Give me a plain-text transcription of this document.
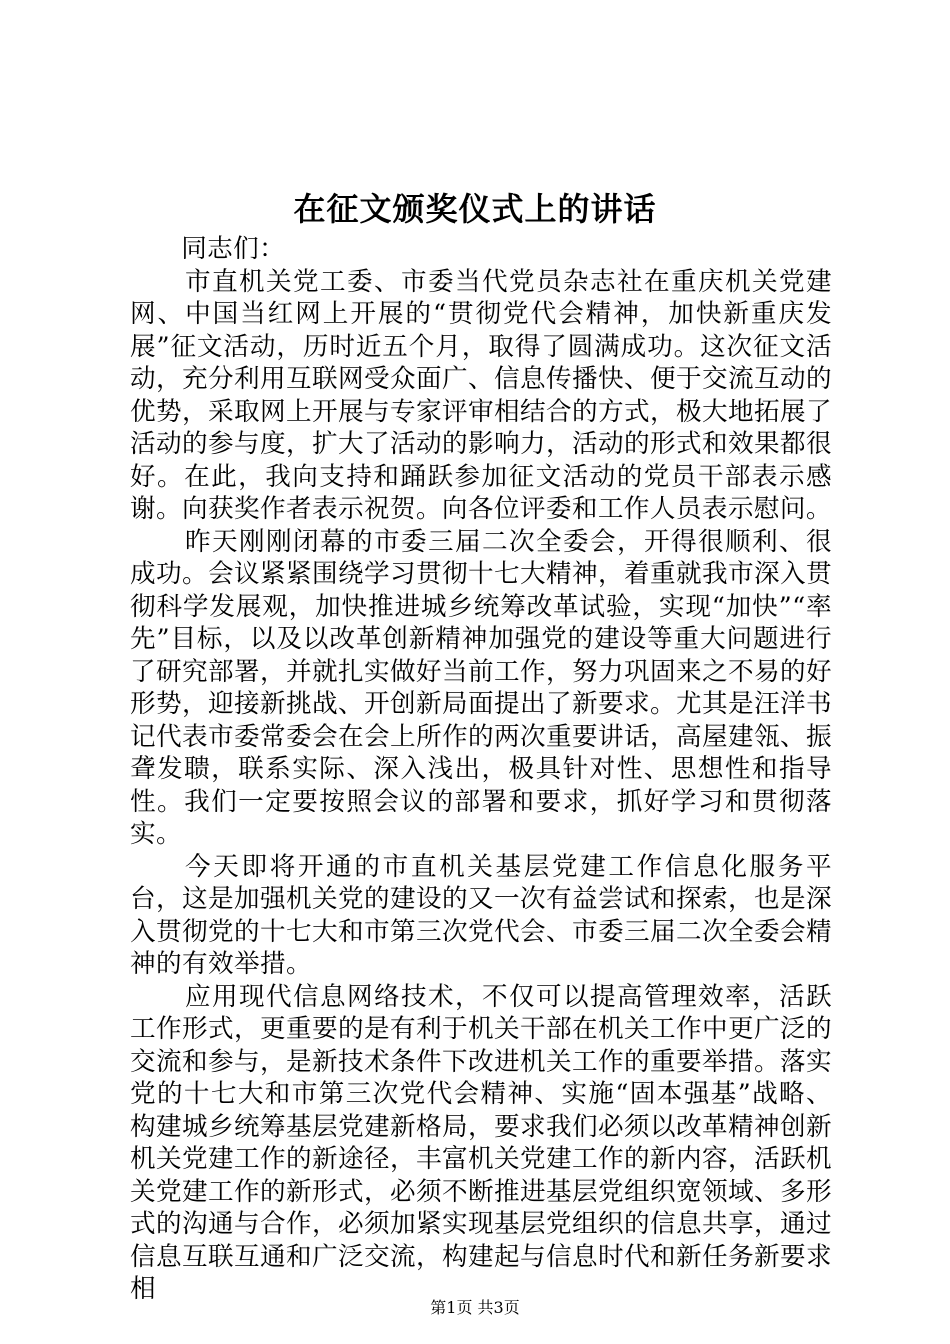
在征文颁奖仪式上的讲话

同志们：

市直机关党工委、市委当代党员杂志社在重庆机关党建网、中国当红网上开展的“贯彻党代会精神，加快新重庆发展”征文活动，历时近五个月，取得了圆满成功。这次征文活动，充分利用互联网受众面广、信息传播快、便于交流互动的优势，采取网上开展与专家评审相结合的方式，极大地拓展了活动的参与度，扩大了活动的影响力，活动的形式和效果都很好。在此，我向支持和踊跃参加征文活动的党员干部表示感谢。向获奖作者表示祝贺。向各位评委和工作人员表示慰问。

昨天刚刚闭幕的市委三届二次全委会，开得很顺利、很成功。会议紧紧围绕学习贯彻十七大精神，着重就我市深入贯彻科学发展观，加快推进城乡统筹改革试验，实现“加快”“率先”目标，以及以改革创新精神加强党的建设等重大问题进行了研究部署，并就扎实做好当前工作，努力巩固来之不易的好形势，迎接新挑战、开创新局面提出了新要求。尤其是汪洋书记代表市委常委会在会上所作的两次重要讲话，高屋建瓴、振聋发聩，联系实际、深入浅出，极具针对性、思想性和指导性。我们一定要按照会议的部署和要求，抓好学习和贯彻落实。

今天即将开通的市直机关基层党建工作信息化服务平台，这是加强机关党的建设的又一次有益尝试和探索，也是深入贯彻党的十七大和市第三次党代会、市委三届二次全委会精神的有效举措。

应用现代信息网络技术，不仅可以提高管理效率，活跃工作形式，更重要的是有利于机关干部在机关工作中更广泛的交流和参与，是新技术条件下改进机关工作的重要举措。落实党的十七大和市第三次党代会精神、实施“固本强基”战略、构建城乡统筹基层党建新格局，要求我们必须以改革精神创新机关党建工作的新途径，丰富机关党建工作的新内容，活跃机关党建工作的新形式，必须不断推进基层党组织宽领域、多形式的沟通与合作，必须加紧实现基层党组织的信息共享，通过信息互联互通和广泛交流，构建起与信息时代和新任务新要求相

第1页 共3页
